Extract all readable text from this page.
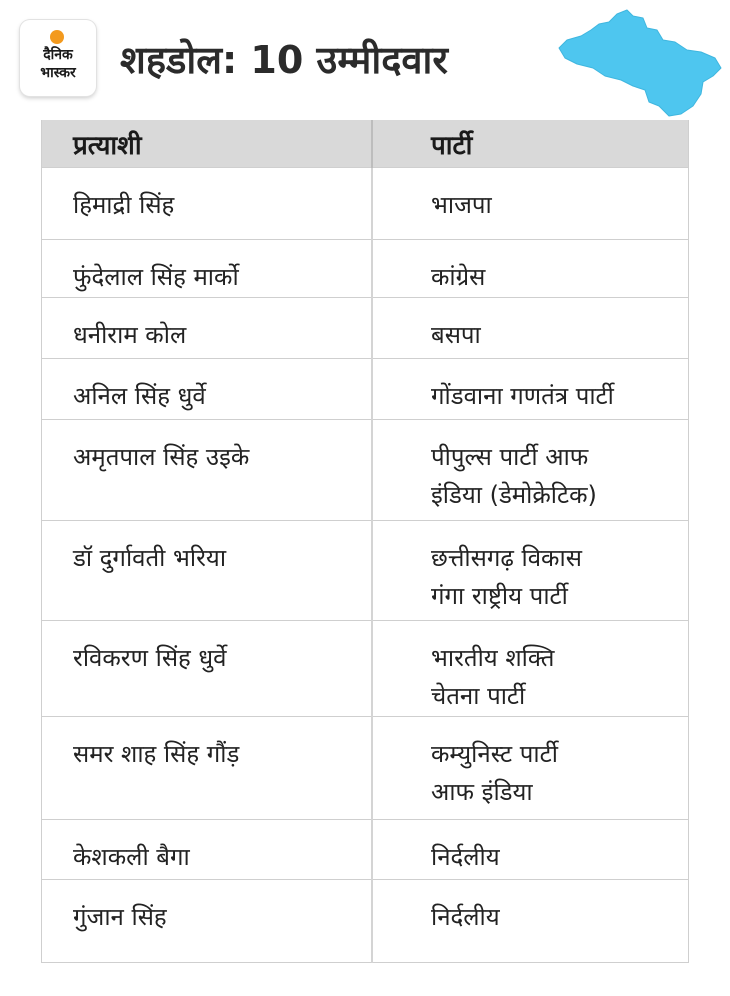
दैनिक
भास्कर	शहडोल: 10 उम्मीदवार
प्रत्याशी	पार्टी
हिमाद्री सिंह	भाजपा

फुंदेलाल सिंह मार्को	कांग्रेस

धनीराम कोल	बसपा

अनिल सिंह धुर्वे	गोंडवाना गणतंत्र पार्टी

अमृतपाल सिंह उइके	पीपुल्स पार्टी आफ
इंडिया (डेमोक्रेटिक)

डॉ दुर्गावती भरिया	छत्तीसगढ़ विकास
गंगा राष्ट्रीय पार्टी

रविकरण सिंह धुर्वे	भारतीय शक्ति
चेतना पार्टी

समर शाह सिंह गौंड़	कम्युनिस्ट पार्टी
आफ इंडिया

केशकली बैगा	निर्दलीय

गुंजान सिंह	निर्दलीय
